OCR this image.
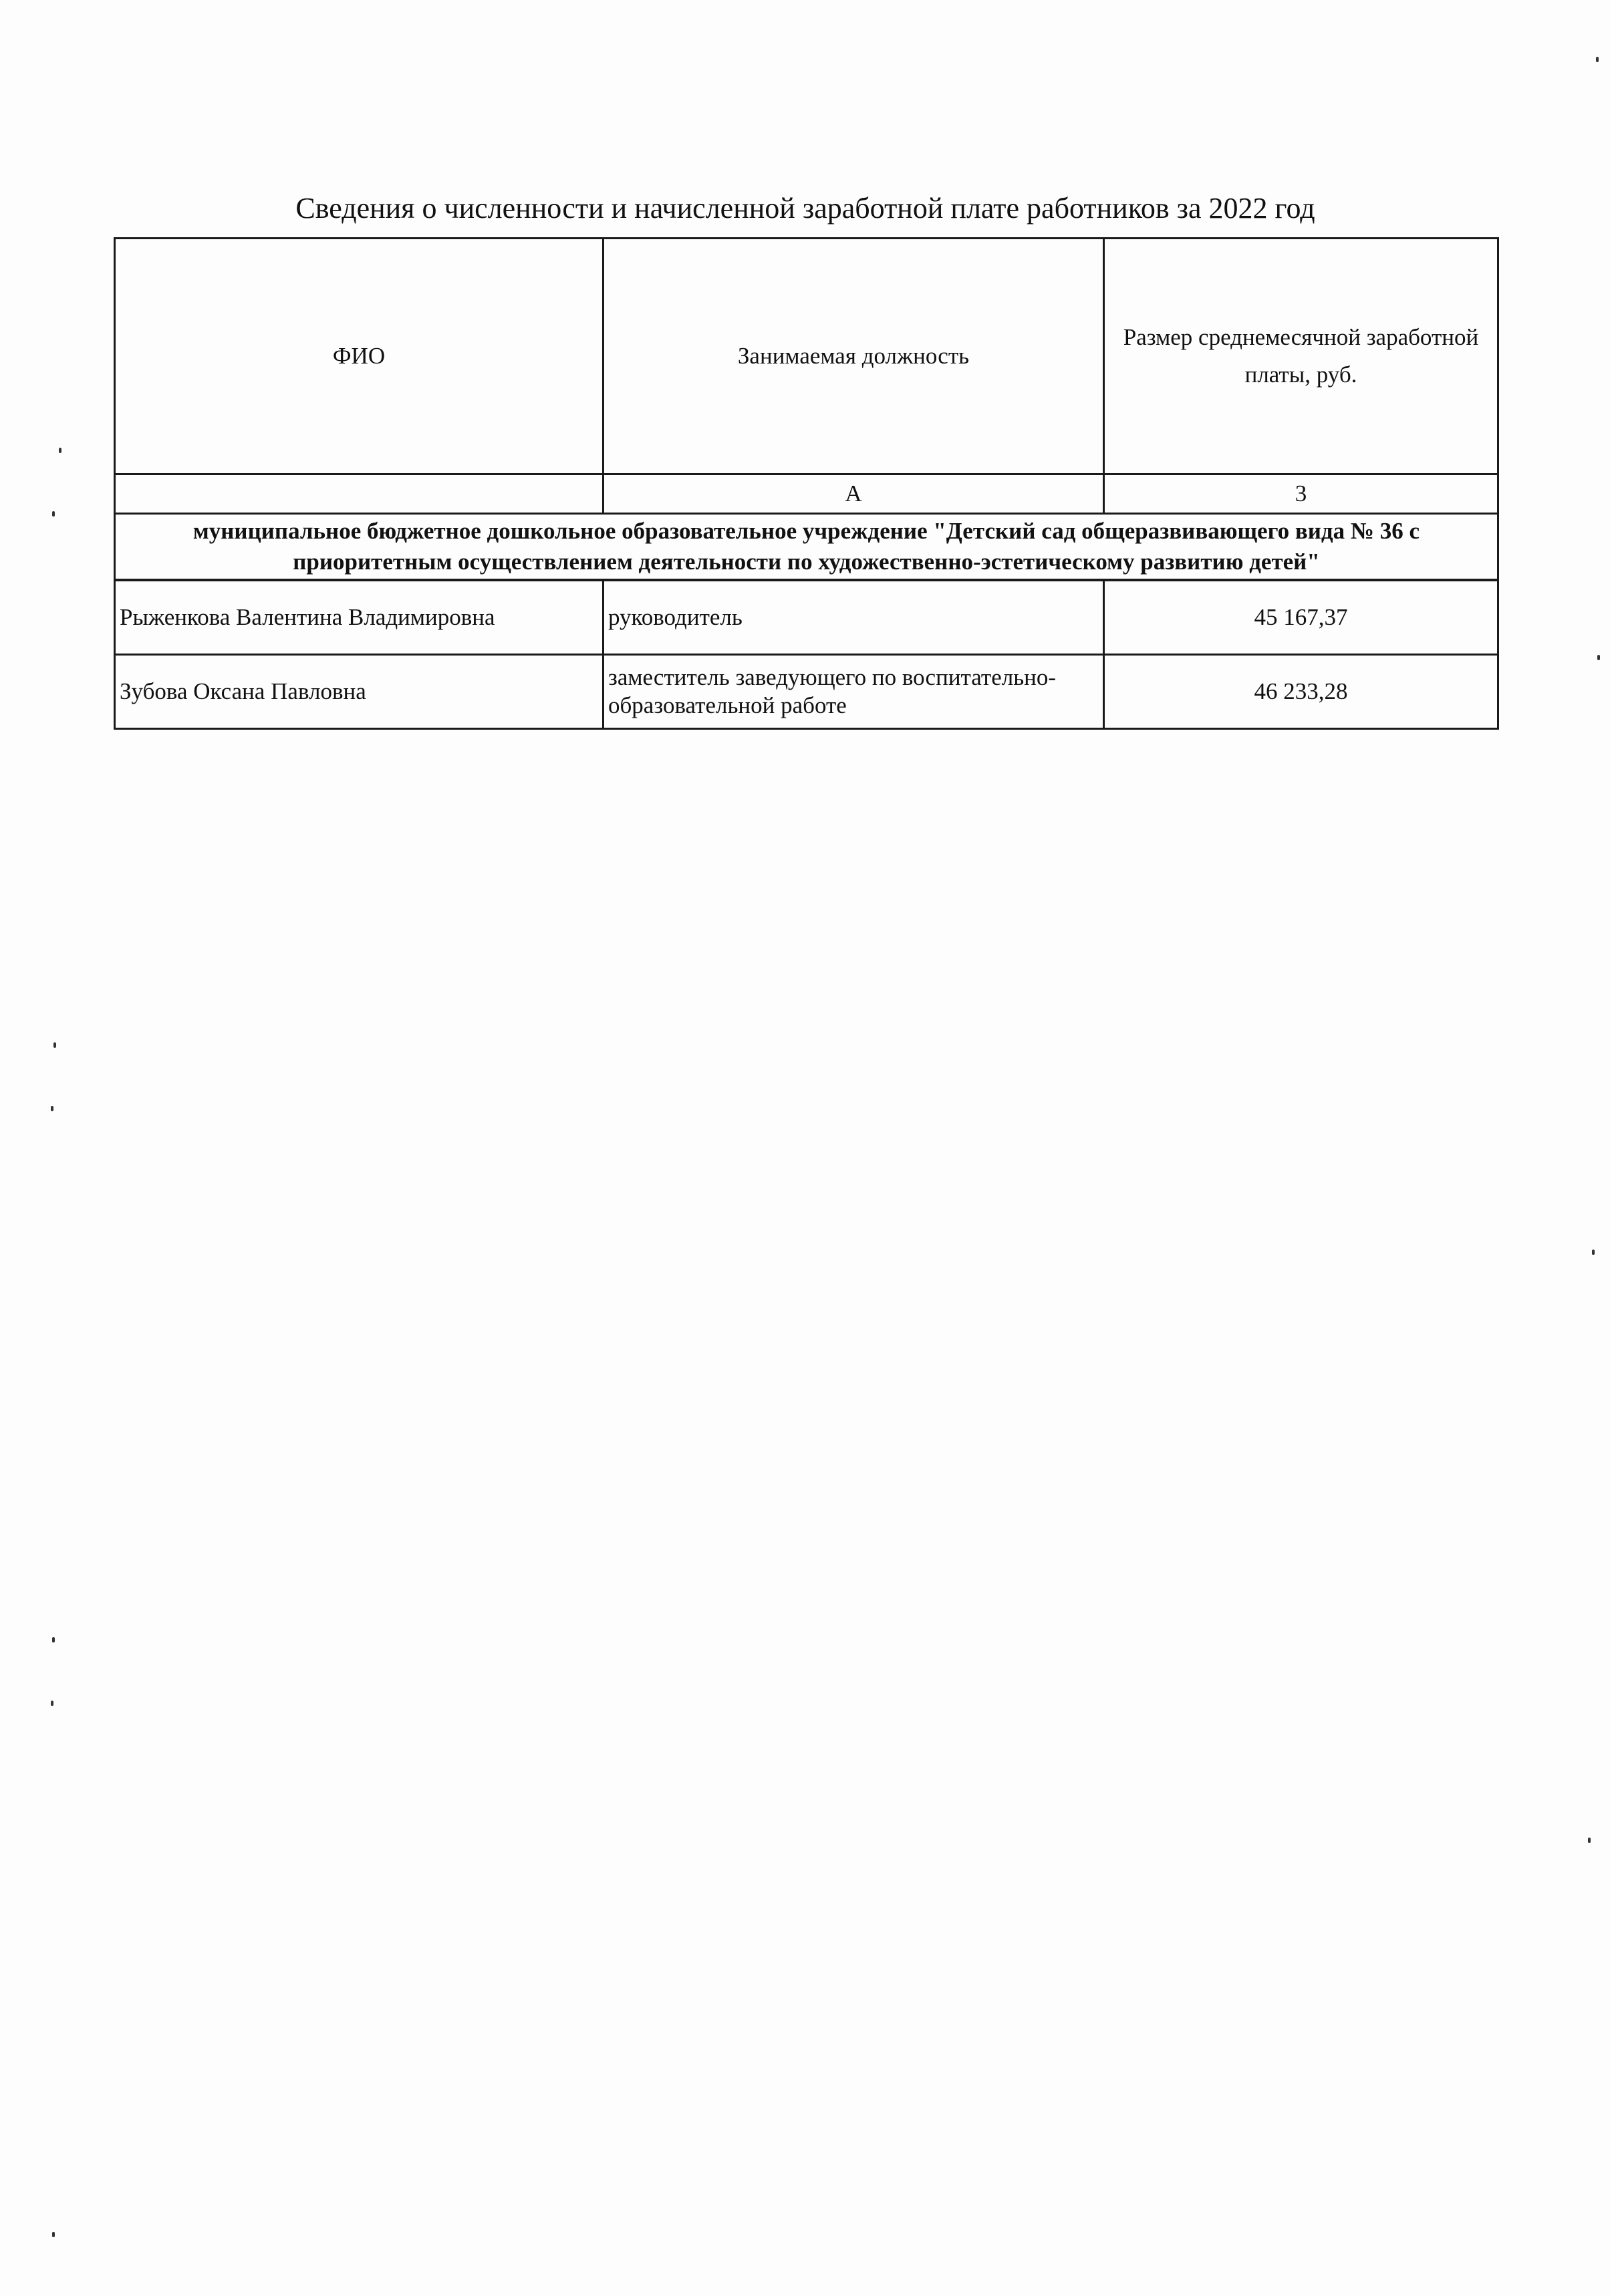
Сведения о численности и начисленной заработной плате работников за 2022 год
ФИО	Занимаемая должность	Размер среднемесячной заработной платы, руб.
	А	3
муниципальное бюджетное дошкольное образовательное учреждение "Детский сад общеразвивающего вида № 36 с приоритетным осуществлением деятельности по художественно-эстетическому развитию детей"		
Рыженкова Валентина Владимировна	руководитель	45 167,37
Зубова Оксана Павловна	заместитель заведующего по воспитательно-образовательной работе	46 233,28
